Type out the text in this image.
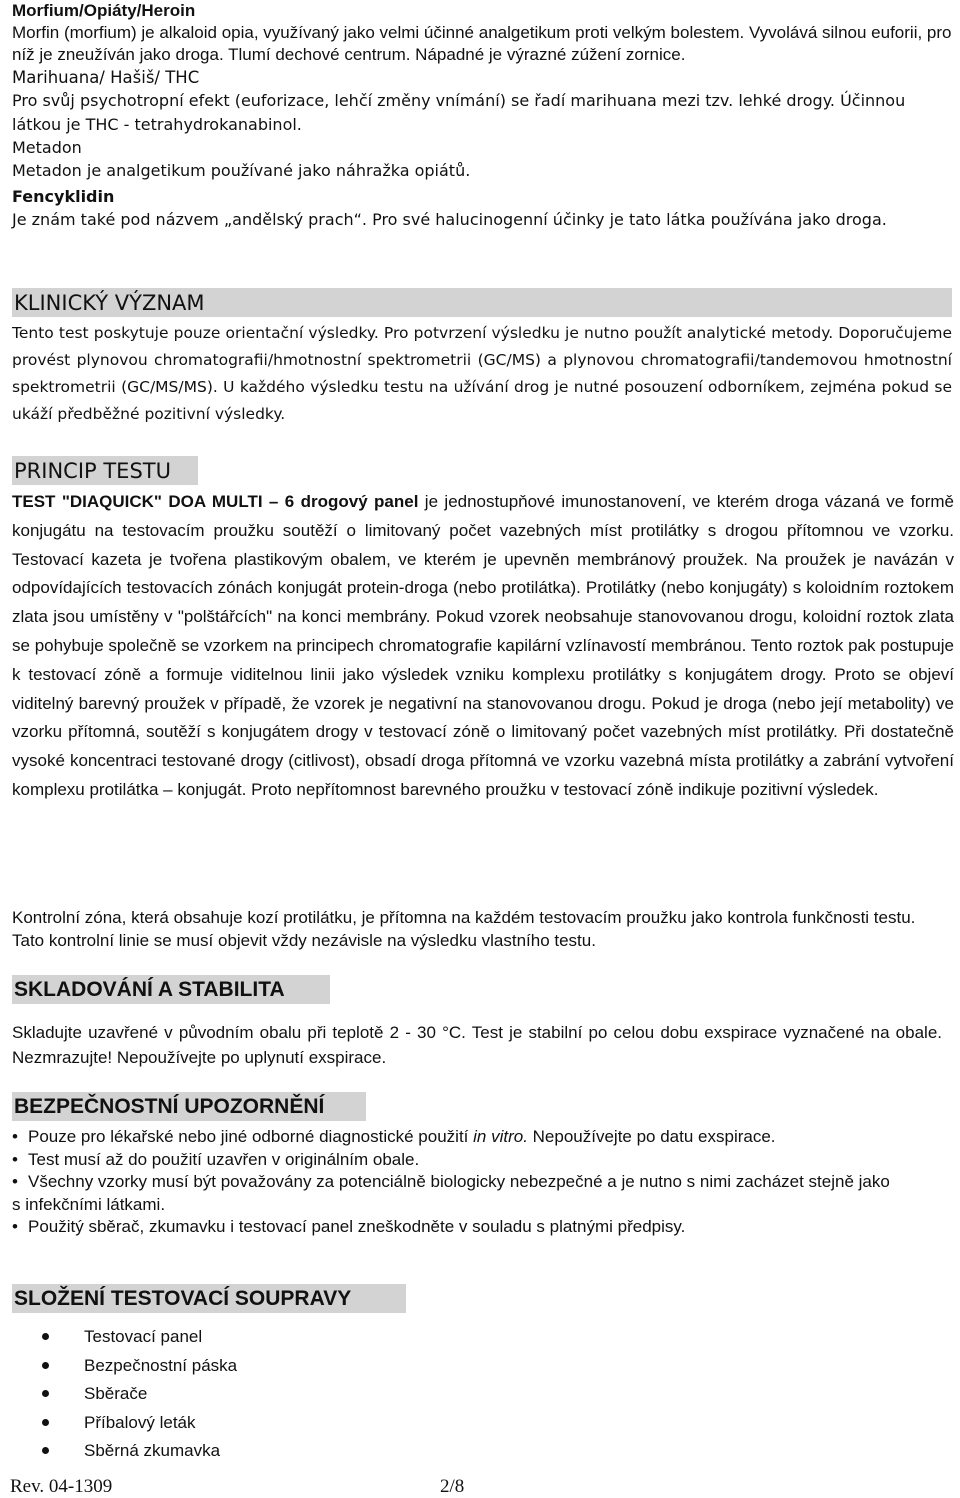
Morfium/Opiáty/Heroin

Morfin (morfium) je alkaloid opia, využívaný jako velmi účinné analgetikum proti velkým bolestem. Vyvolává silnou euforii, pro níž je zneužíván jako droga. Tlumí dechové centrum. Nápadné je výrazné zúžení zornice.

Marihuana/ Hašiš/ THC

Pro svůj psychotropní efekt (euforizace, lehčí změny vnímání) se řadí marihuana mezi tzv. lehké drogy. Účinnou látkou je THC - tetrahydrokanabinol.

Metadon

Metadon je analgetikum používané jako náhražka opiátů.

Fencyklidin

Je znám také pod názvem „andělský prach“. Pro své halucinogenní účinky je tato látka používána jako droga.

KLINICKÝ VÝZNAM

Tento test poskytuje pouze orientační výsledky. Pro potvrzení výsledku je nutno použít analytické metody. Doporučujeme provést plynovou chromatografii/hmotnostní spektrometrii (GC/MS) a plynovou chromatografii/tandemovou hmotnostní spektrometrii (GC/MS/MS). U každého výsledku testu na užívání drog je nutné posouzení odborníkem, zejména pokud se ukáží předběžné pozitivní výsledky.

PRINCIP TESTU

TEST "DIAQUICK" DOA MULTI – 6 drogový panel je jednostupňové imunostanovení, ve kterém droga vázaná ve formě konjugátu na testovacím proužku soutěží o limitovaný počet vazebných míst protilátky s drogou přítomnou ve vzorku. Testovací kazeta je tvořena plastikovým obalem, ve kterém je upevněn membránový proužek. Na proužek je navázán v odpovídajících testovacích zónách konjugát protein-droga (nebo protilátka). Protilátky (nebo konjugáty) s koloidním roztokem zlata jsou umístěny v "polštářcích" na konci membrány. Pokud vzorek neobsahuje stanovovanou drogu, koloidní roztok zlata se pohybuje společně se vzorkem na principech chromatografie kapilární vzlínavostí membránou. Tento roztok pak postupuje k testovací zóně a formuje viditelnou linii jako výsledek vzniku komplexu protilátky s konjugátem drogy. Proto se objeví viditelný barevný proužek v případě, že vzorek je negativní na stanovovanou drogu. Pokud je droga (nebo její metabolity) ve vzorku přítomná, soutěží s konjugátem drogy v testovací zóně o limitovaný počet vazebných míst protilátky. Při dostatečně vysoké koncentraci testované drogy (citlivost), obsadí droga přítomná ve vzorku vazebná místa protilátky a zabrání vytvoření komplexu protilátka – konjugát. Proto nepřítomnost barevného proužku v testovací zóně indikuje pozitivní výsledek.

Kontrolní zóna, která obsahuje kozí protilátku, je přítomna na každém testovacím proužku jako kontrola funkčnosti testu. Tato kontrolní linie se musí objevit vždy nezávisle na výsledku vlastního testu.

SKLADOVÁNÍ A STABILITA

Skladujte uzavřené v původním obalu při teplotě 2 - 30 °C. Test je stabilní po celou dobu exspirace vyznačené na obale. Nezmrazujte! Nepoužívejte po uplynutí exspirace.

BEZPEČNOSTNÍ UPOZORNĚNÍ
• Pouze pro lékařské nebo jiné odborné diagnostické použití in vitro. Nepoužívejte po datu exspirace.
• Test musí až do použití uzavřen v originálním obale.
• Všechny vzorky musí být považovány za potenciálně biologicky nebezpečné a je nutno s nimi zacházet stejně jako
s infekčními látkami.
• Použitý sběrač, zkumavku i testovací panel zneškodněte v souladu s platnými předpisy.
SLOŽENÍ TESTOVACÍ SOUPRAVY
Testovací panel
Bezpečnostní páska
Sběrače
Příbalový leták
Sběrná zkumavka
Rev. 04-1309	2/8
